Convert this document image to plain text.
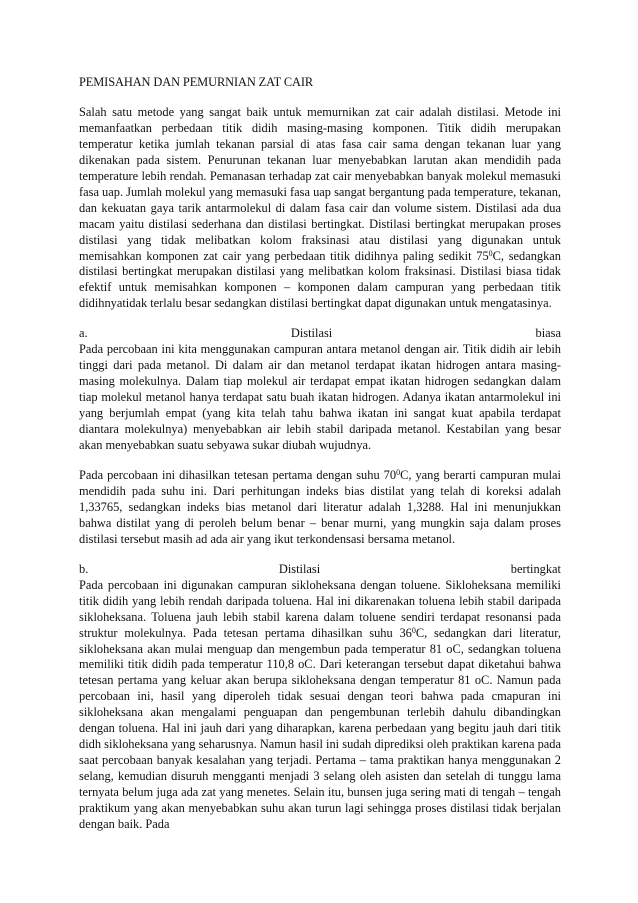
PEMISAHAN DAN PEMURNIAN ZAT CAIR

Salah satu metode yang sangat baik untuk memurnikan zat cair adalah distilasi. Metode ini memanfaatkan perbedaan titik didih masing-masing komponen. Titik didih merupakan temperatur ketika jumlah tekanan parsial di atas fasa cair sama dengan tekanan luar yang dikenakan pada sistem. Penurunan tekanan luar menyebabkan larutan akan mendidih pada temperature lebih rendah. Pemanasan terhadap zat cair menyebabkan banyak molekul memasuki fasa uap. Jumlah molekul yang memasuki fasa uap sangat bergantung pada temperature, tekanan, dan kekuatan gaya tarik antarmolekul di dalam fasa cair dan volume sistem. Distilasi ada dua macam yaitu distilasi sederhana dan distilasi bertingkat. Distilasi bertingkat merupakan proses distilasi yang tidak melibatkan kolom fraksinasi atau distilasi yang digunakan untuk memisahkan komponen zat cair yang perbedaan titik didihnya paling sedikit $75^0C$, sedangkan distilasi bertingkat merupakan distilasi yang melibatkan kolom fraksinasi. Distilasi biasa tidak efektif untuk memisahkan komponen – komponen dalam campuran yang perbedaan titik didihnyatidak terlalu besar sedangkan distilasi bertingkat dapat digunakan untuk mengatasinya.

a.	Distilasi	biasa

Pada percobaan ini kita menggunakan campuran antara metanol dengan air. Titik didih air lebih tinggi dari pada metanol. Di dalam air dan metanol terdapat ikatan hidrogen antara masing-masing molekulnya. Dalam tiap molekul air terdapat empat ikatan hidrogen sedangkan dalam tiap molekul metanol hanya terdapat satu buah ikatan hidrogen. Adanya ikatan antarmolekul ini yang berjumlah empat (yang kita telah tahu bahwa ikatan ini sangat kuat apabila terdapat diantara molekulnya) menyebabkan air lebih stabil daripada metanol. Kestabilan yang besar akan menyebabkan suatu sebyawa sukar diubah wujudnya.

Pada percobaan ini dihasilkan tetesan pertama dengan suhu $70^0C$, yang berarti campuran mulai mendidih pada suhu ini. Dari perhitungan indeks bias distilat yang telah di koreksi adalah 1,33765, sedangkan indeks bias metanol dari literatur adalah 1,3288. Hal ini menunjukkan bahwa distilat yang di peroleh belum benar – benar murni, yang mungkin saja dalam proses distilasi tersebut masih ad ada air yang ikut terkondensasi bersama metanol.

b.	Distilasi	bertingkat

Pada percobaan ini digunakan campuran sikloheksana dengan toluene. Sikloheksana memiliki titik didih yang lebih rendah daripada toluena. Hal ini dikarenakan toluena lebih stabil daripada sikloheksana. Toluena jauh lebih stabil karena dalam toluene sendiri terdapat resonansi pada struktur molekulnya. Pada tetesan pertama dihasilkan suhu $36^0C$, sedangkan dari literatur, sikloheksana akan mulai menguap dan mengembun pada temperatur 81 oC, sedangkan toluena memiliki titik didih pada temperatur 110,8 oC. Dari keterangan tersebut dapat diketahui bahwa tetesan pertama yang keluar akan berupa sikloheksana dengan temperatur 81 oC. Namun pada percobaan ini, hasil yang diperoleh tidak sesuai dengan teori bahwa pada cmapuran ini sikloheksana akan mengalami penguapan dan pengembunan terlebih dahulu dibandingkan dengan toluena. Hal ini jauh dari yang diharapkan, karena perbedaan yang begitu jauh dari titik didh sikloheksana yang seharusnya. Namun hasil ini sudah diprediksi oleh praktikan karena pada saat percobaan banyak kesalahan yang terjadi. Pertama – tama praktikan hanya menggunakan 2 selang, kemudian disuruh mengganti menjadi 3 selang oleh asisten dan setelah di tunggu lama ternyata belum juga ada zat yang menetes. Selain itu, bunsen juga sering mati di tengah – tengah praktikum yang akan menyebabkan suhu akan turun lagi sehingga proses distilasi tidak berjalan dengan baik. Pada
